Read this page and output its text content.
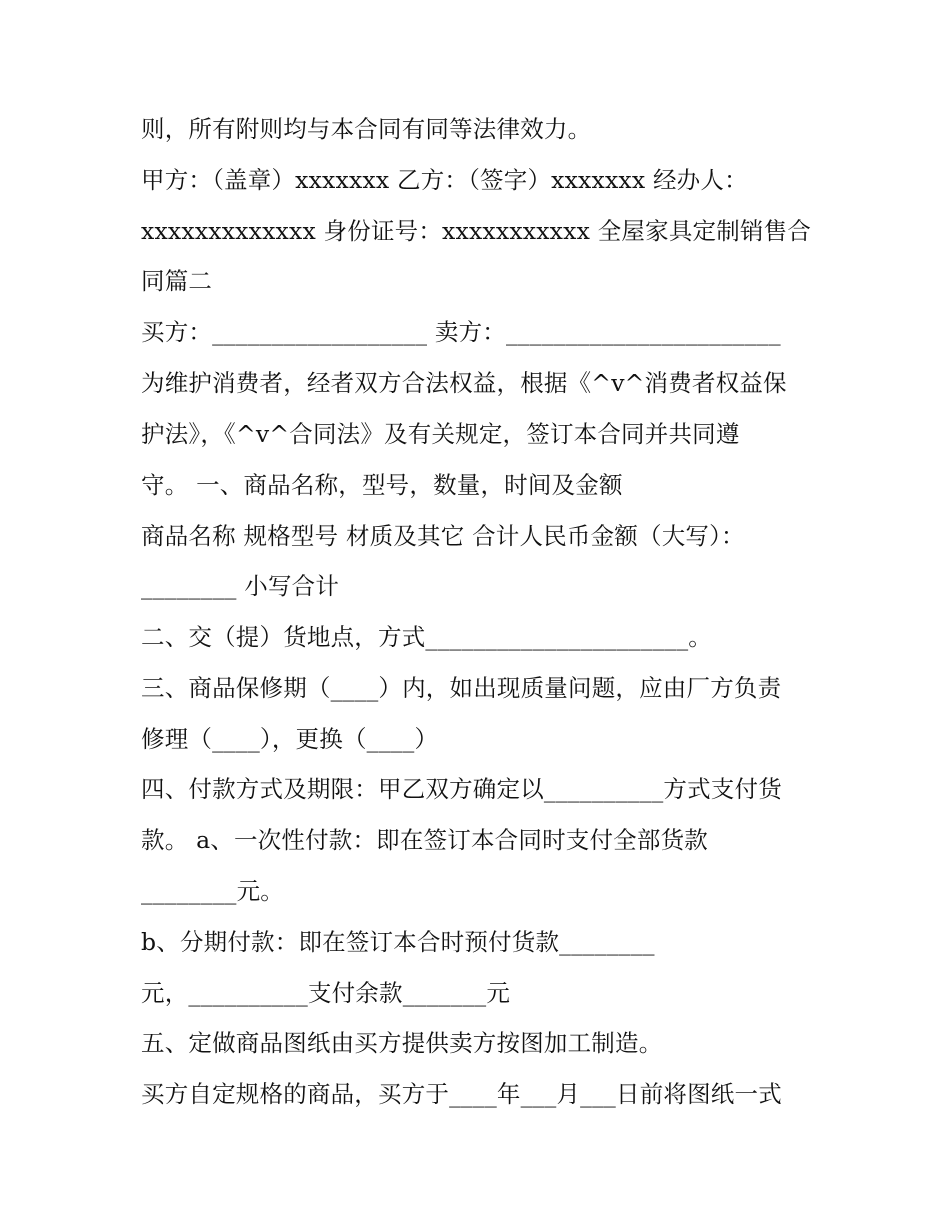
则，所有附则均与本合同有同等法律效力。
甲方：（盖章）xxxxxxx 乙方：（签字）xxxxxxx 经办人：
xxxxxxxxxxxxx 身份证号：xxxxxxxxxxx 全屋家具定制销售合
同篇二
买方：__________________ 卖方：_______________________
为维护消费者，经者双方合法权益，根据《^v^消费者权益保
护法》，《^v^合同法》及有关规定，签订本合同并共同遵
守。 一、商品名称，型号，数量，时间及金额
商品名称 规格型号 材质及其它 合计人民币金额（大写）：
________ 小写合计
二、交（提）货地点，方式______________________。
三、商品保修期（____）内，如出现质量问题，应由厂方负责
修理（____），更换（____）
四、付款方式及期限：甲乙双方确定以__________方式支付货
款。 a、一次性付款：即在签订本合同时支付全部货款
________元。
b、分期付款：即在签订本合时预付货款________
元，__________支付余款_______元
五、定做商品图纸由买方提供卖方按图加工制造。
买方自定规格的商品，买方于____年___月___日前将图纸一式
